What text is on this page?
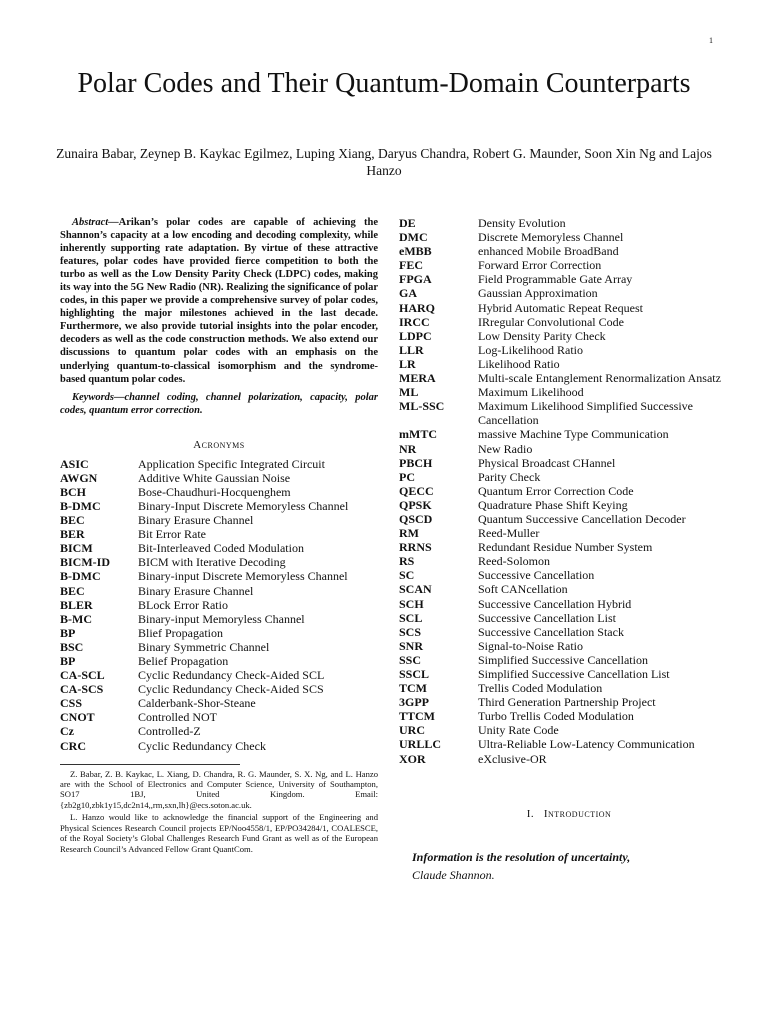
1
Polar Codes and Their Quantum-Domain Counterparts
Zunaira Babar, Zeynep B. Kaykac Egilmez, Luping Xiang, Daryus Chandra, Robert G. Maunder, Soon Xin Ng and Lajos Hanzo

Abstract—Arikan’s polar codes are capable of achieving the Shannon’s capacity at a low encoding and decoding complexity, while inherently supporting rate adaptation. By virtue of these attractive features, polar codes have provided fierce competition to both the turbo as well as the Low Density Parity Check (LDPC) codes, making its way into the 5G New Radio (NR). Realizing the significance of polar codes, in this paper we provide a comprehensive survey of polar codes, highlighting the major milestones achieved in the last decade. Furthermore, we also provide tutorial insights into the polar encoder, decoders as well as the code construction methods. We also extend our discussions to quantum polar codes with an emphasis on the underlying quantum-to-classical isomorphism and the syndrome-based quantum polar codes.

Keywords—channel coding, channel polarization, capacity, polar codes, quantum error correction.

Acronyms
ASIC	Application Specific Integrated Circuit
AWGN	Additive White Gaussian Noise
BCH	Bose-Chaudhuri-Hocquenghem
B-DMC	Binary-Input Discrete Memoryless Channel
BEC	Binary Erasure Channel
BER	Bit Error Rate
BICM	Bit-Interleaved Coded Modulation
BICM-ID	BICM with Iterative Decoding
B-DMC	Binary-input Discrete Memoryless Channel
BEC	Binary Erasure Channel
BLER	BLock Error Ratio
B-MC	Binary-input Memoryless Channel
BP	Blief Propagation
BSC	Binary Symmetric Channel
BP	Belief Propagation
CA-SCL	Cyclic Redundancy Check-Aided SCL
CA-SCS	Cyclic Redundancy Check-Aided SCS
CSS	Calderbank-Shor-Steane
CNOT	Controlled NOT
Cz	Controlled-Z
CRC	Cyclic Redundancy Check

Z. Babar, Z. B. Kaykac, L. Xiang, D. Chandra, R. G. Maunder, S. X. Ng, and L. Hanzo are with the School of Electronics and Computer Science, University of Southampton, SO17 1BJ, United Kingdom. Email: {zb2g10,zbk1y15,dc2n14,,rm,sxn,lh}@ecs.soton.ac.uk.

L. Hanzo would like to acknowledge the financial support of the Engineering and Physical Sciences Research Council projects EP/Noo4558/1, EP/PO34284/1, COALESCE, of the Royal Society’s Global Challenges Research Fund Grant as well as of the European Research Council’s Advanced Fellow Grant QuantCom.

DE	Density Evolution
DMC	Discrete Memoryless Channel
eMBB	enhanced Mobile BroadBand
FEC	Forward Error Correction
FPGA	Field Programmable Gate Array
GA	Gaussian Approximation
HARQ	Hybrid Automatic Repeat Request
IRCC	IRregular Convolutional Code
LDPC	Low Density Parity Check
LLR	Log-Likelihood Ratio
LR	Likelihood Ratio
MERA	Multi-scale Entanglement Renormalization Ansatz
ML	Maximum Likelihood
ML-SSC	Maximum Likelihood Simplified Successive Cancellation
mMTC	massive Machine Type Communication
NR	New Radio
PBCH	Physical Broadcast CHannel
PC	Parity Check
QECC	Quantum Error Correction Code
QPSK	Quadrature Phase Shift Keying
QSCD	Quantum Successive Cancellation Decoder
RM	Reed-Muller
RRNS	Redundant Residue Number System
RS	Reed-Solomon
SC	Successive Cancellation
SCAN	Soft CANcellation
SCH	Successive Cancellation Hybrid
SCL	Successive Cancellation List
SCS	Successive Cancellation Stack
SNR	Signal-to-Noise Ratio
SSC	Simplified Successive Cancellation
SSCL	Simplified Successive Cancellation List
TCM	Trellis Coded Modulation
3GPP	Third Generation Partnership Project
TTCM	Turbo Trellis Coded Modulation
URC	Unity Rate Code
URLLC	Ultra-Reliable Low-Latency Communication
XOR	eXclusive-OR
I. Introduction
Information is the resolution of uncertainty,
Claude Shannon.
